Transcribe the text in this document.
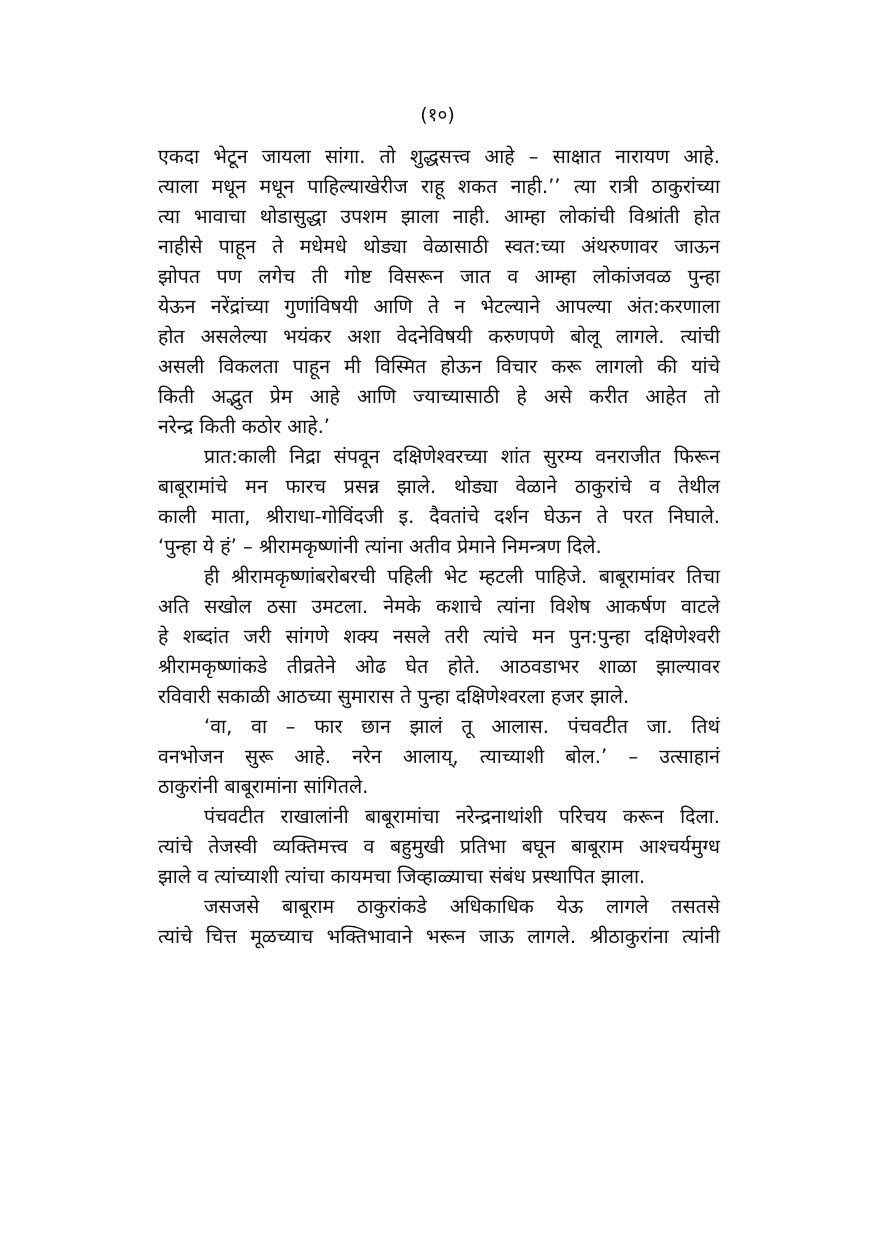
(१०)
एकदा भेटून जायला सांगा. तो शुद्धसत्त्व आहे – साक्षात नारायण आहे.
त्याला मधून मधून पाहिल्याखेरीज राहू शकत नाही.’’ त्या रात्री ठाकुरांच्या
त्या भावाचा थोडासुद्धा उपशम झाला नाही. आम्हा लोकांची विश्रांती होत
नाहीसे पाहून ते मधेमधे थोड्या वेळासाठी स्वत:च्या अंथरुणावर जाऊन
झोपत पण लगेच ती गोष्ट विसरून जात व आम्हा लोकांजवळ पुन्हा
येऊन नरेंद्रांच्या गुणांविषयी आणि ते न भेटल्याने आपल्या अंत:करणाला
होत असलेल्या भयंकर अशा वेदनेविषयी करुणपणे बोलू लागले. त्यांची
असली विकलता पाहून मी विस्मित होऊन विचार करू लागलो की यांचे
किती अद्भुत प्रेम आहे आणि ज्याच्यासाठी हे असे करीत आहेत तो
नरेन्द्र किती कठोर आहे.’
प्रात:काली निद्रा संपवून दक्षिणेश्वरच्या शांत सुरम्य वनराजीत फिरून
बाबूरामांचे मन फारच प्रसन्न झाले. थोड्या वेळाने ठाकुरांचे व तेथील
काली माता, श्रीराधा-गोविंदजी इ. दैवतांचे दर्शन घेऊन ते परत निघाले.
‘पुन्हा ये हं’ – श्रीरामकृष्णांनी त्यांना अतीव प्रेमाने निमन्त्रण दिले.
ही श्रीरामकृष्णांबरोबरची पहिली भेट म्हटली पाहिजे. बाबूरामांवर तिचा
अति सखोल ठसा उमटला. नेमके कशाचे त्यांना विशेष आकर्षण वाटले
हे शब्दांत जरी सांगणे शक्य नसले तरी त्यांचे मन पुन:पुन्हा दक्षिणेश्वरी
श्रीरामकृष्णांकडे तीव्रतेने ओढ घेत होते. आठवडाभर शाळा झाल्यावर
रविवारी सकाळी आठच्या सुमारास ते पुन्हा दक्षिणेश्वरला हजर झाले.
‘वा, वा – फार छान झालं तू आलास. पंचवटीत जा. तिथं
वनभोजन सुरू आहे. नरेन आलाय्, त्याच्याशी बोल.’ – उत्साहानं
ठाकुरांनी बाबूरामांना सांगितले.
पंचवटीत राखालांनी बाबूरामांचा नरेन्द्रनाथांशी परिचय करून दिला.
त्यांचे तेजस्वी व्यक्तिमत्त्व व बहुमुखी प्रतिभा बघून बाबूराम आश्चर्यमुग्ध
झाले व त्यांच्याशी त्यांचा कायमचा जिव्हाळ्याचा संबंध प्रस्थापित झाला.
जसजसे बाबूराम ठाकुरांकडे अधिकाधिक येऊ लागले तसतसे
त्यांचे चित्त मूळच्याच भक्तिभावाने भरून जाऊ लागले. श्रीठाकुरांना त्यांनी
